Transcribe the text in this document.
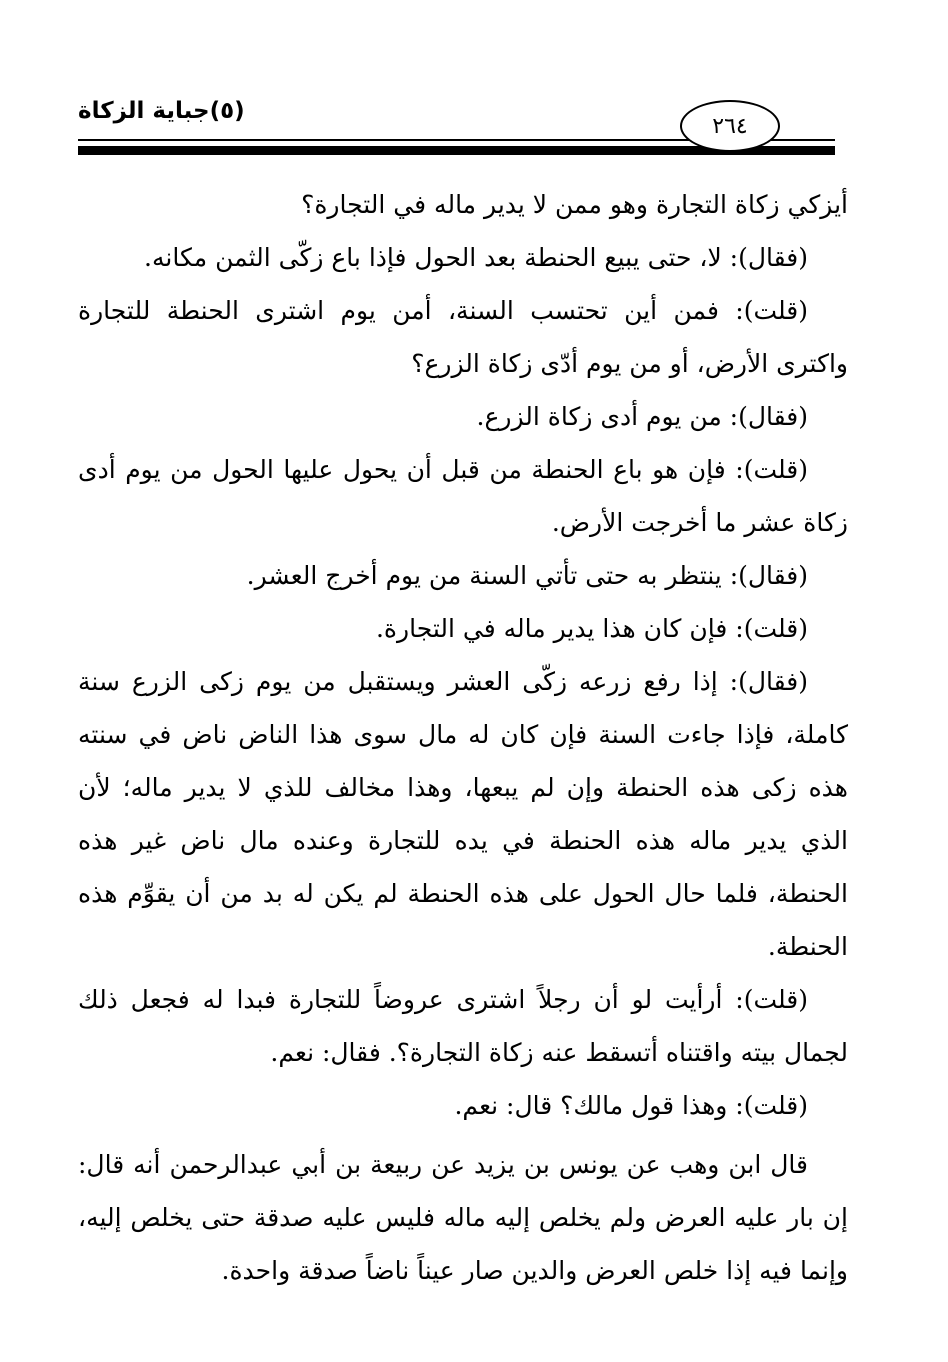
(٥)جباية الزكاة
٢٦٤

أيزكي زكاة التجارة وهو ممن لا يدير ماله في التجارة؟

(فقال): لا، حتى يبيع الحنطة بعد الحول فإذا باع زكّى الثمن مكانه.

(قلت): فمن أين تحتسب السنة، أمن يوم اشترى الحنطة للتجارة واكترى الأرض، أو من يوم أدّى زكاة الزرع؟

(فقال): من يوم أدى زكاة الزرع.

(قلت): فإن هو باع الحنطة من قبل أن يحول عليها الحول من يوم أدى زكاة عشر ما أخرجت الأرض.

(فقال): ينتظر به حتى تأتي السنة من يوم أخرج العشر.

(قلت): فإن كان هذا يدير ماله في التجارة.

(فقال): إذا رفع زرعه زكّى العشر ويستقبل من يوم زكى الزرع سنة كاملة، فإذا جاءت السنة فإن كان له مال سوى هذا الناض ناض في سنته هذه زكى هذه الحنطة وإن لم يبعها، وهذا مخالف للذي لا يدير ماله؛ لأن الذي يدير ماله هذه الحنطة في يده للتجارة وعنده مال ناض غير هذه الحنطة، فلما حال الحول على هذه الحنطة لم يكن له بد من أن يقوِّم هذه الحنطة.

(قلت): أرأيت لو أن رجلاً اشترى عروضاً للتجارة فبدا له فجعل ذلك لجمال بيته واقتناه أتسقط عنه زكاة التجارة؟. فقال: نعم.

(قلت): وهذا قول مالك؟ قال: نعم.

قال ابن وهب عن يونس بن يزيد عن ربيعة بن أبي عبدالرحمن أنه قال: إن بار عليه العرض ولم يخلص إليه ماله فليس عليه صدقة حتى يخلص إليه، وإنما فيه إذا خلص العرض والدين صار عيناً ناضاً صدقة واحدة.
